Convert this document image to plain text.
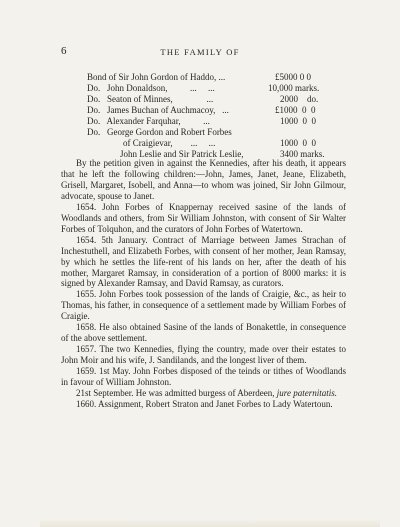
6	THE FAMILY OF
Bond of Sir John Gordon of Haddo, ...	£5000 0 0
Do.   John Donaldson,          ...     ...	10,000 marks.
Do.   Seaton of Minnes,               ...	2000    do.
Do.   James Buchan of Auchmacoy,   ...	£1000  0  0
Do.   Alexander Farquhar,          ...	1000  0  0
Do.   George Gordon and Robert Forbes
of Craigievar,        ...     ...	1000  0  0
John Leslie and Sir Patrick Leslie,	3400 marks.

By the petition given in against the Kennedies, after his death, it appears that he left the following children:—John, James, Janet, Jeane, Elizabeth, Grisell, Margaret, Isobell, and Anna—to whom was joined, Sir John Gilmour, advocate, spouse to Janet.

1654. John Forbes of Knappernay received sasine of the lands of Woodlands and others, from Sir William Johnston, with consent of Sir Walter Forbes of Tolquhon, and the curators of John Forbes of Watertown.

1654. 5th January. Contract of Marriage between James Strachan of Inchestuthell, and Elizabeth Forbes, with consent of her mother, Jean Ramsay, by which he settles the life-rent of his lands on her, after the death of his mother, Margaret Ramsay, in consideration of a portion of 8000 marks: it is signed by Alexander Ramsay, and David Ramsay, as curators.

1655. John Forbes took possession of the lands of Craigie, &c., as heir to Thomas, his father, in consequence of a settlement made by William Forbes of Craigie.

1658. He also obtained Sasine of the lands of Bonakettle, in consequence of the above settlement.

1657. The two Kennedies, flying the country, made over their estates to John Moir and his wife, J. Sandilands, and the longest liver of them.

1659. 1st May. John Forbes disposed of the teinds or tithes of Woodlands in favour of William Johnston.

21st September. He was admitted burgess of Aberdeen, jure paternitatis.

1660. Assignment, Robert Straton and Janet Forbes to Lady Watertoun.
